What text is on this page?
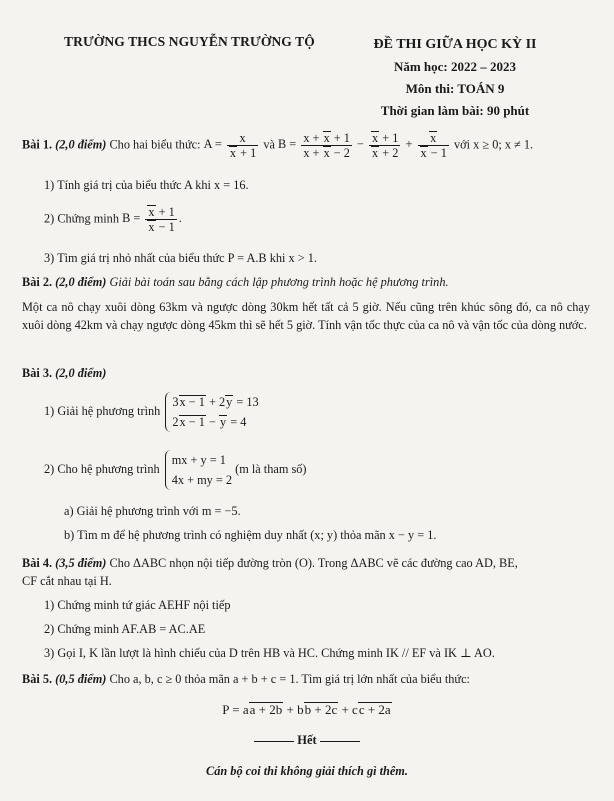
TRƯỜNG THCS NGUYỄN TRƯỜNG TỘ	ĐỀ THI GIỮA HỌC KỲ II
Năm học: 2022 – 2023
Môn thi: TOÁN 9
Thời gian làm bài: 90 phút
Bài 1. (2,0 điểm) Cho hai biểu thức: $A = \frac{x}{x + 1}$ và $B = \frac{x + x + 1}{x + x - 2} - \frac{x + 1}{x + 2} + \frac{x}{x - 1}$ với x ≥ 0; x ≠ 1.
1) Tính giá trị của biểu thức A khi x = 16.
2) Chứng minh $B = \frac{x + 1}{x - 1}$ .
3) Tìm giá trị nhỏ nhất của biểu thức P = A.B khi x > 1.
Bài 2. (2,0 điểm) Giải bài toán sau bằng cách lập phương trình hoặc hệ phương trình.
Một ca nô chạy xuôi dòng 63km và ngược dòng 30km hết tất cả 5 giờ. Nếu cũng trên khúc sông đó, ca nô chạy xuôi dòng 42km và chạy ngược dòng 45km thì sẽ hết 5 giờ. Tính vận tốc thực của ca nô và vận tốc của dòng nước.
Bài 3. (2,0 điểm)
1) Giải hệ phương trình
3x − 1 + 2y = 13
2x − 1 − y = 4
2) Cho hệ phương trình
mx + y = 1
4x + my = 2
(m là tham số)
a) Giải hệ phương trình với m = −5.
b) Tìm m để hệ phương trình có nghiệm duy nhất (x; y) thỏa mãn x − y = 1.
Bài 4. (3,5 điểm) Cho ΔABC nhọn nội tiếp đường tròn (O). Trong ΔABC vẽ các đường cao AD, BE,
CF cắt nhau tại H.
1) Chứng minh tứ giác AEHF nội tiếp
2) Chứng minh AF.AB = AC.AE
3) Gọi I, K lần lượt là hình chiếu của D trên HB và HC. Chứng minh IK // EF và IK ⊥ AO.
Bài 5. (0,5 điểm) Cho a, b, c ≥ 0 thỏa mãn a + b + c = 1. Tìm giá trị lớn nhất của biểu thức:
P = aa + 2b + bb + 2c + cc + 2a
Hết
Cán bộ coi thi không giải thích gì thêm.
